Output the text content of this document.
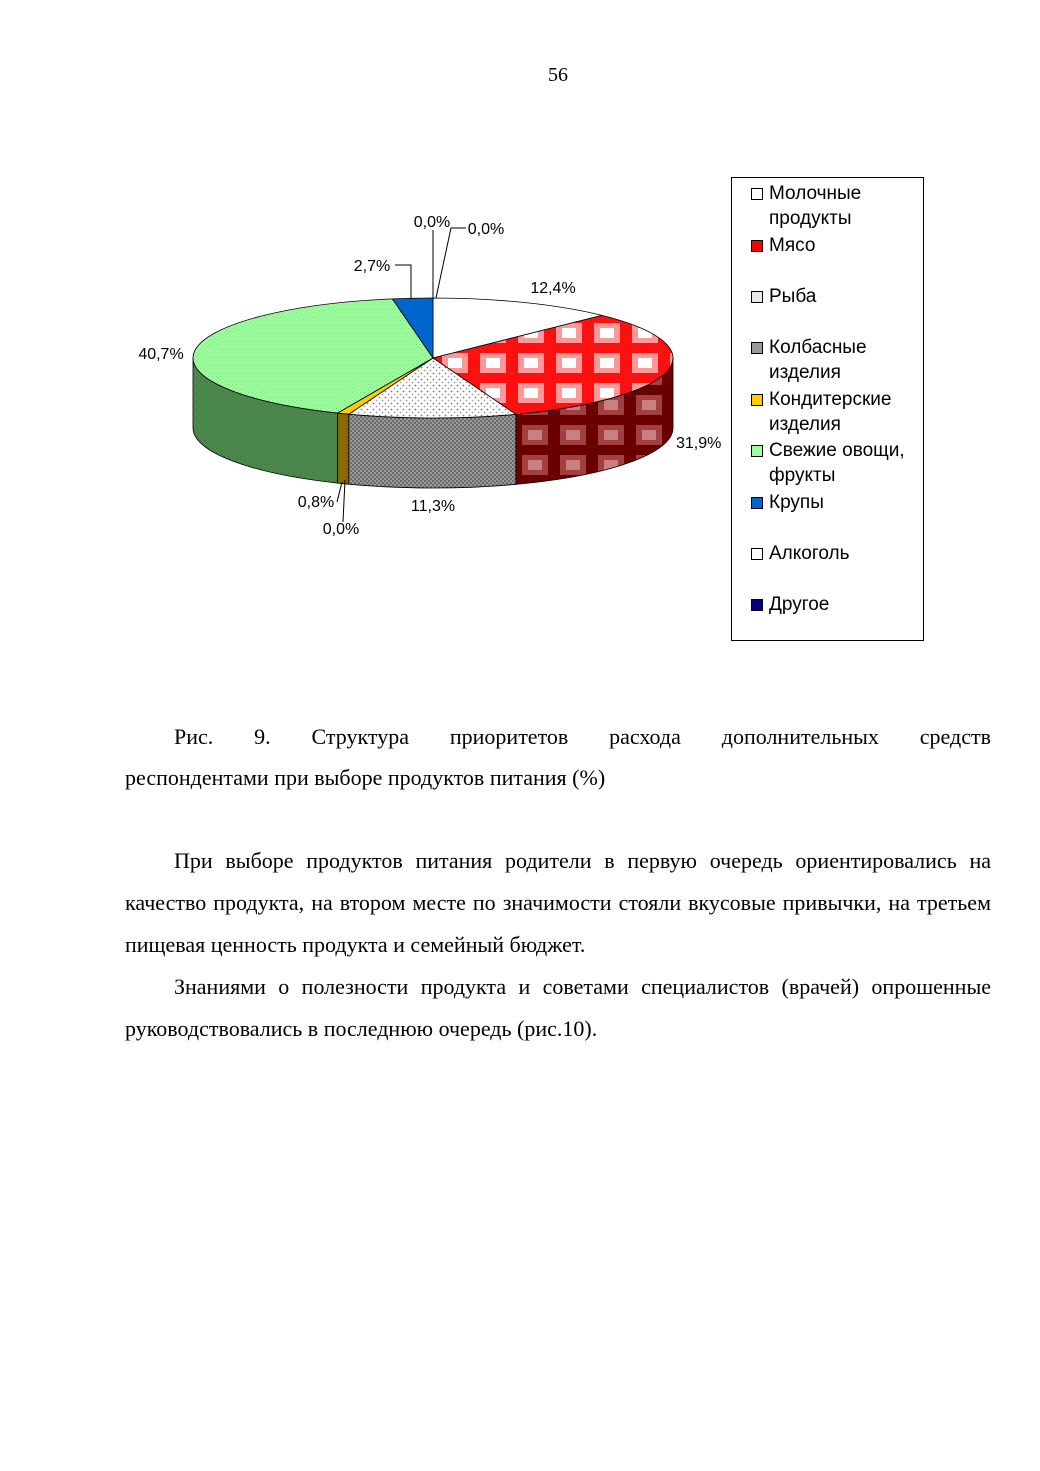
56
12,4%
31,9%
11,3%
0,0%
0,8%
40,7%
2,7%
0,0% 0,0%
Молочные продукты
Мясо
Рыба
Колбасные изделия
Кондитерские изделия
Свежие овощи, фрукты
Крупы
Алкоголь
Другое

Рис. 9. Структура приоритетов расхода дополнительных средств

респондентами при выборе продуктов питания (%)

При выборе продуктов питания родители в первую очередь ориентировались на качество продукта, на втором месте по значимости стояли вкусовые привычки, на третьем пищевая ценность продукта и семейный бюджет.

Знаниями о полезности продукта и советами специалистов (врачей) опрошенные руководствовались в последнюю очередь (рис.10).
